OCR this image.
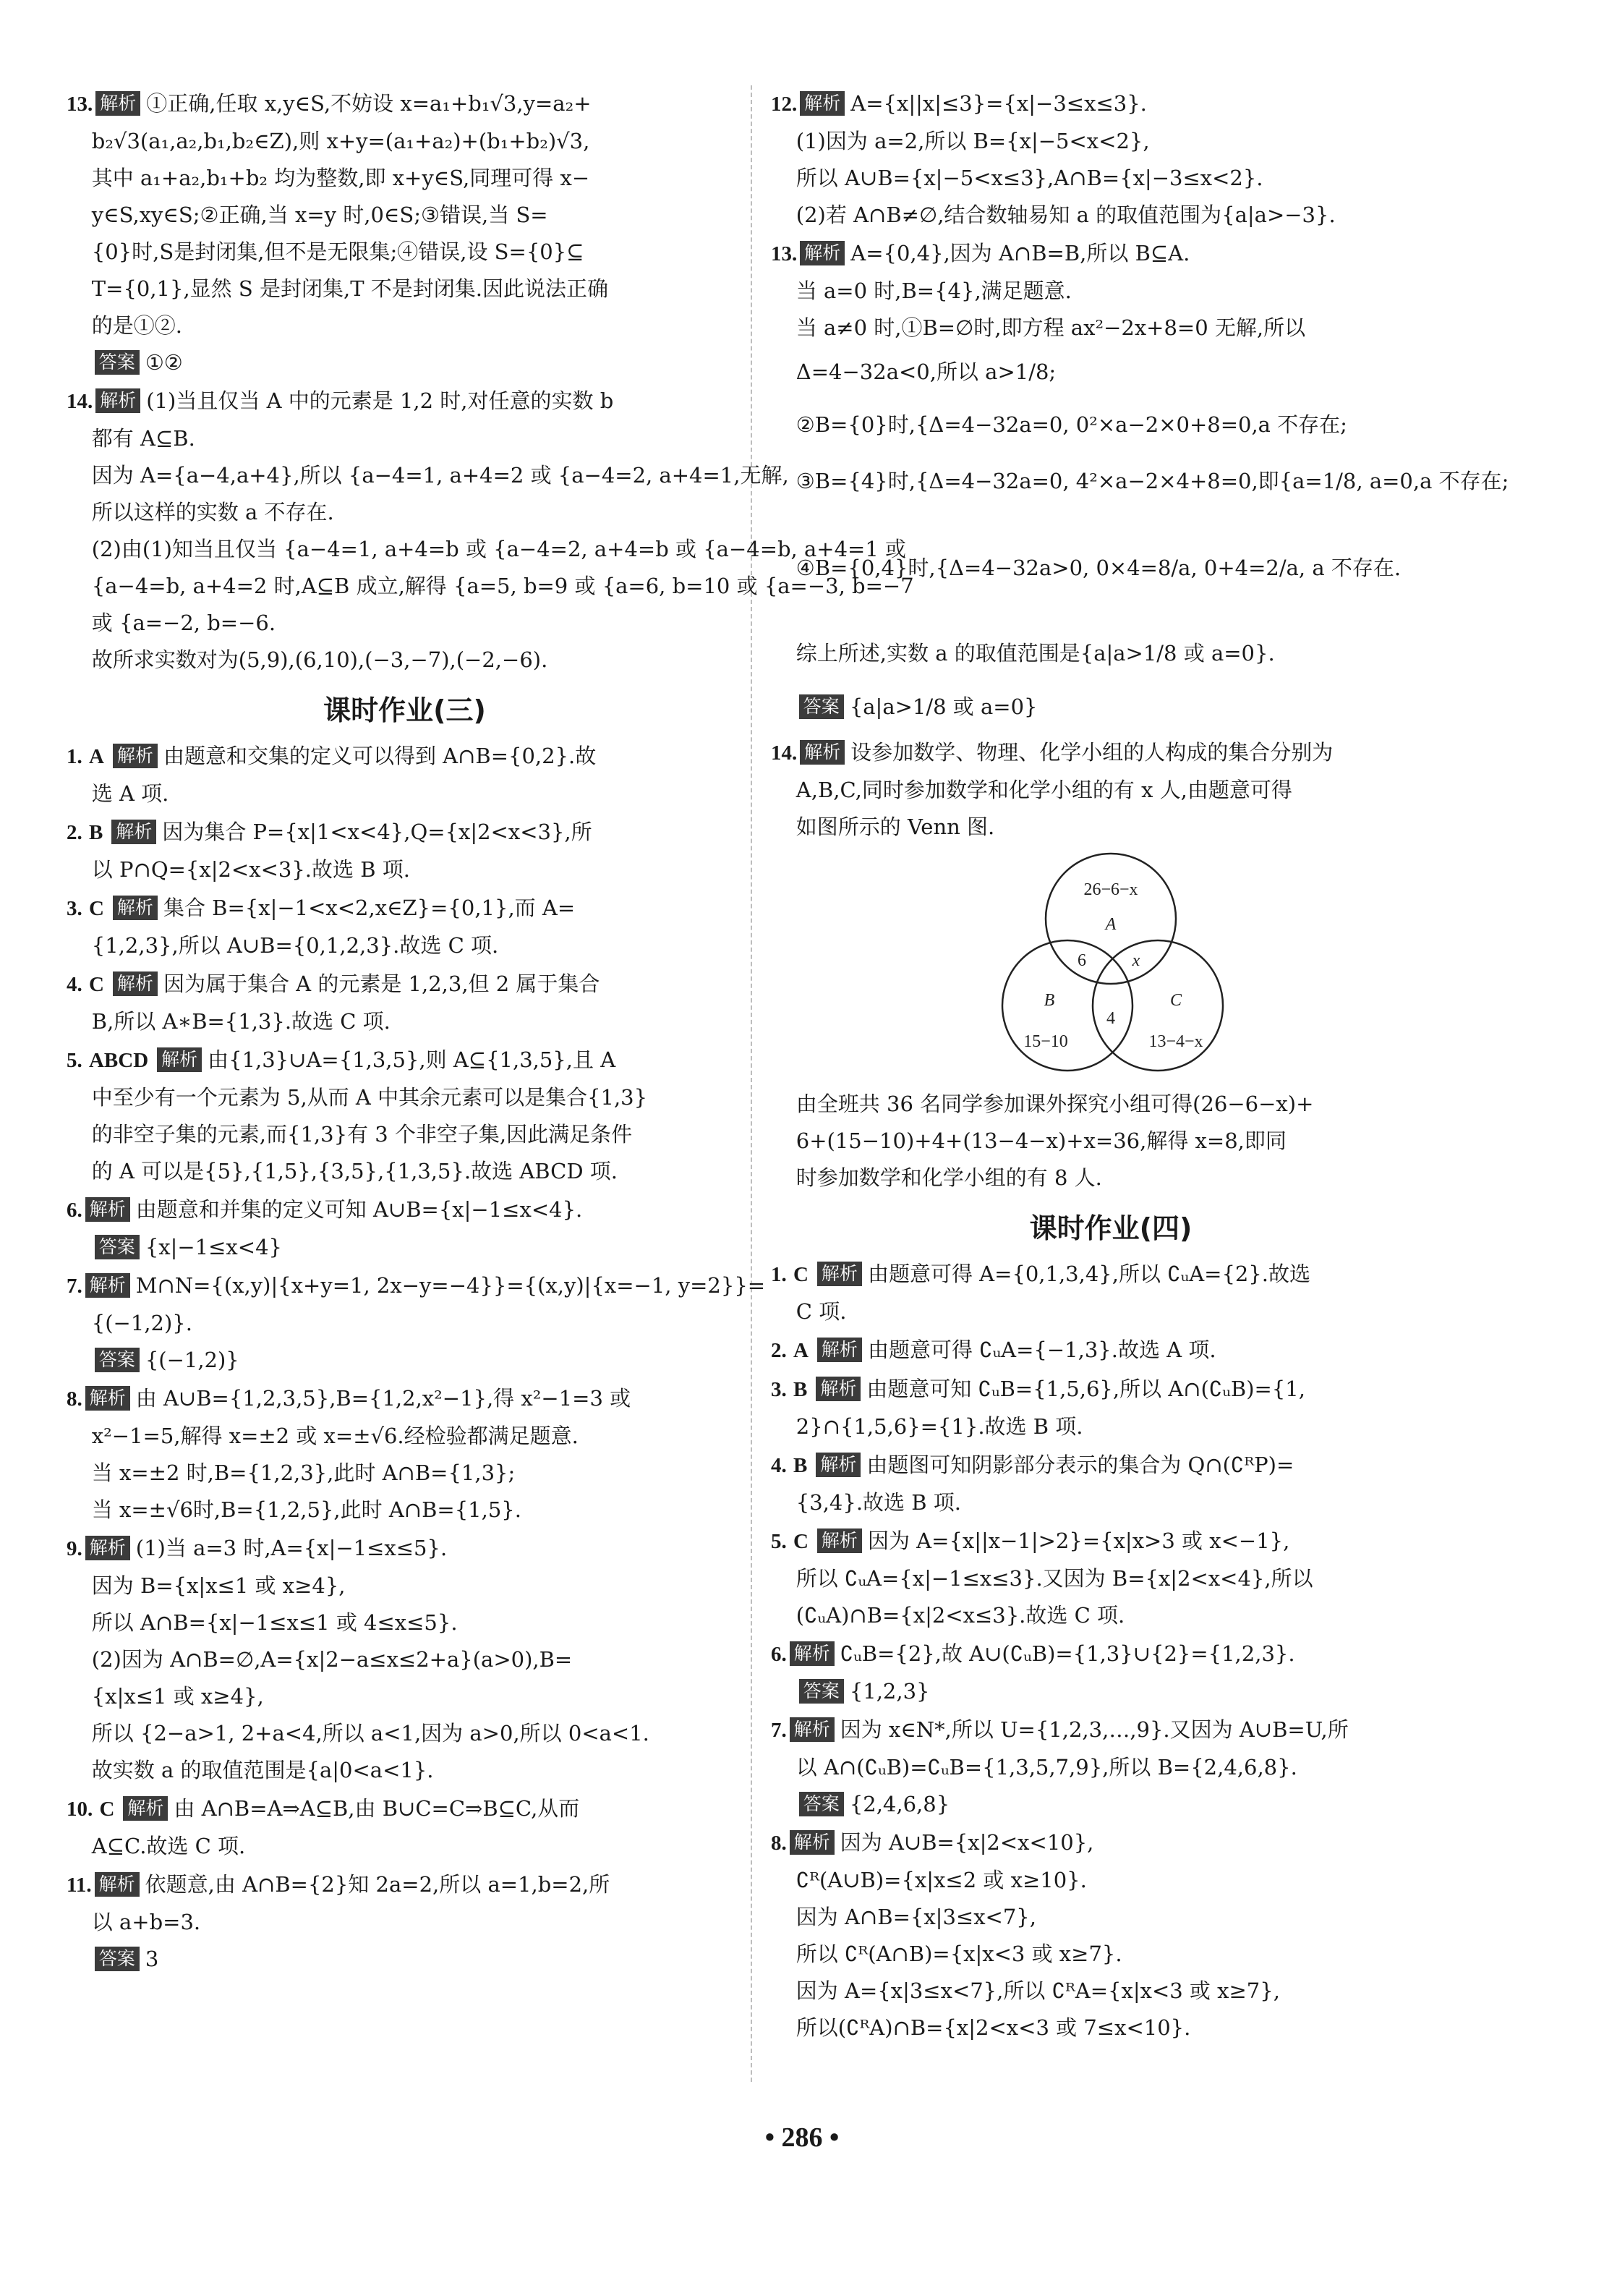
13. 解析 ①正确,任取 x,y∈S,不妨设 x=a₁+b₁√3,y=a₂+
b₂√3(a₁,a₂,b₁,b₂∈Z),则 x+y=(a₁+a₂)+(b₁+b₂)√3,
其中 a₁+a₂,b₁+b₂ 均为整数,即 x+y∈S,同理可得 x−
y∈S,xy∈S;②正确,当 x=y 时,0∈S;③错误,当 S=
{0}时,S是封闭集,但不是无限集;④错误,设 S={0}⊆
T={0,1},显然 S 是封闭集,T 不是封闭集.因此说法正确
的是①②.
答案 ①②
14. 解析 (1)当且仅当 A 中的元素是 1,2 时,对任意的实数 b
都有 A⊆B.
因为 A={a−4,a+4},所以 {a−4=1, a+4=2 或 {a−4=2, a+4=1,无解,
所以这样的实数 a 不存在.
(2)由(1)知当且仅当 {a−4=1, a+4=b 或 {a−4=2, a+4=b 或 {a−4=b, a+4=1 或
{a−4=b, a+4=2 时,A⊆B 成立,解得 {a=5, b=9 或 {a=6, b=10 或 {a=−3, b=−7
或 {a=−2, b=−6.
故所求实数对为(5,9),(6,10),(−3,−7),(−2,−6).
课时作业(三)
1. A 解析 由题意和交集的定义可以得到 A∩B={0,2}.故
选 A 项.
2. B 解析 因为集合 P={x|1<x<4},Q={x|2<x<3},所
以 P∩Q={x|2<x<3}.故选 B 项.
3. C 解析 集合 B={x|−1<x<2,x∈Z}={0,1},而 A=
{1,2,3},所以 A∪B={0,1,2,3}.故选 C 项.
4. C 解析 因为属于集合 A 的元素是 1,2,3,但 2 属于集合
B,所以 A∗B={1,3}.故选 C 项.
5. ABCD 解析 由{1,3}∪A={1,3,5},则 A⊆{1,3,5},且 A
中至少有一个元素为 5,从而 A 中其余元素可以是集合{1,3}
的非空子集的元素,而{1,3}有 3 个非空子集,因此满足条件
的 A 可以是{5},{1,5},{3,5},{1,3,5}.故选 ABCD 项.
6. 解析 由题意和并集的定义可知 A∪B={x|−1≤x<4}.
答案 {x|−1≤x<4}
7. 解析 M∩N={(x,y)|{x+y=1, 2x−y=−4}}={(x,y)|{x=−1, y=2}}=
{(−1,2)}.
答案 {(−1,2)}
8. 解析 由 A∪B={1,2,3,5},B={1,2,x²−1},得 x²−1=3 或
x²−1=5,解得 x=±2 或 x=±√6.经检验都满足题意.
当 x=±2 时,B={1,2,3},此时 A∩B={1,3};
当 x=±√6时,B={1,2,5},此时 A∩B={1,5}.
9. 解析 (1)当 a=3 时,A={x|−1≤x≤5}.
因为 B={x|x≤1 或 x≥4},
所以 A∩B={x|−1≤x≤1 或 4≤x≤5}.
(2)因为 A∩B=∅,A={x|2−a≤x≤2+a}(a>0),B=
{x|x≤1 或 x≥4},
所以 {2−a>1, 2+a<4,所以 a<1,因为 a>0,所以 0<a<1.
故实数 a 的取值范围是{a|0<a<1}.
10. C 解析 由 A∩B=A⇒A⊆B,由 B∪C=C⇒B⊆C,从而
A⊆C.故选 C 项.
11. 解析 依题意,由 A∩B={2}知 2a=2,所以 a=1,b=2,所
以 a+b=3.
答案 3
12. 解析 A={x||x|≤3}={x|−3≤x≤3}.
(1)因为 a=2,所以 B={x|−5<x<2},
所以 A∪B={x|−5<x≤3},A∩B={x|−3≤x<2}.
(2)若 A∩B≠∅,结合数轴易知 a 的取值范围为{a|a>−3}.
13. 解析 A={0,4},因为 A∩B=B,所以 B⊆A.
当 a=0 时,B={4},满足题意.
当 a≠0 时,①B=∅时,即方程 ax²−2x+8=0 无解,所以
Δ=4−32a<0,所以 a>1/8;
②B={0}时,{Δ=4−32a=0, 0²×a−2×0+8=0,a 不存在;
③B={4}时,{Δ=4−32a=0, 4²×a−2×4+8=0,即{a=1/8, a=0,a 不存在;
④B={0,4}时,{Δ=4−32a>0, 0×4=8/a, 0+4=2/a, a 不存在.
综上所述,实数 a 的取值范围是{a|a>1/8 或 a=0}.
答案 {a|a>1/8 或 a=0}
14. 解析 设参加数学、物理、化学小组的人构成的集合分别为
A,B,C,同时参加数学和化学小组的有 x 人,由题意可得
如图所示的 Venn 图.
26−6−x
A
6	x
B
4
C
15−10	13−4−x
由全班共 36 名同学参加课外探究小组可得(26−6−x)+
6+(15−10)+4+(13−4−x)+x=36,解得 x=8,即同
时参加数学和化学小组的有 8 人.
课时作业(四)
1. C 解析 由题意可得 A={0,1,3,4},所以 ∁ᵤA={2}.故选
C 项.
2. A 解析 由题意可得 ∁ᵤA={−1,3}.故选 A 项.
3. B 解析 由题意可知 ∁ᵤB={1,5,6},所以 A∩(∁ᵤB)={1,
2}∩{1,5,6}={1}.故选 B 项.
4. B 解析 由题图可知阴影部分表示的集合为 Q∩(∁ᴿP)=
{3,4}.故选 B 项.
5. C 解析 因为 A={x||x−1|>2}={x|x>3 或 x<−1},
所以 ∁ᵤA={x|−1≤x≤3}.又因为 B={x|2<x<4},所以
(∁ᵤA)∩B={x|2<x≤3}.故选 C 项.
6. 解析 ∁ᵤB={2},故 A∪(∁ᵤB)={1,3}∪{2}={1,2,3}.
答案 {1,2,3}
7. 解析 因为 x∈N*,所以 U={1,2,3,…,9}.又因为 A∪B=U,所
以 A∩(∁ᵤB)=∁ᵤB={1,3,5,7,9},所以 B={2,4,6,8}.
答案 {2,4,6,8}
8. 解析 因为 A∪B={x|2<x<10},
∁ᴿ(A∪B)={x|x≤2 或 x≥10}.
因为 A∩B={x|3≤x<7},
所以 ∁ᴿ(A∩B)={x|x<3 或 x≥7}.
因为 A={x|3≤x<7},所以 ∁ᴿA={x|x<3 或 x≥7},
所以(∁ᴿA)∩B={x|2<x<3 或 7≤x<10}.
• 286 •
